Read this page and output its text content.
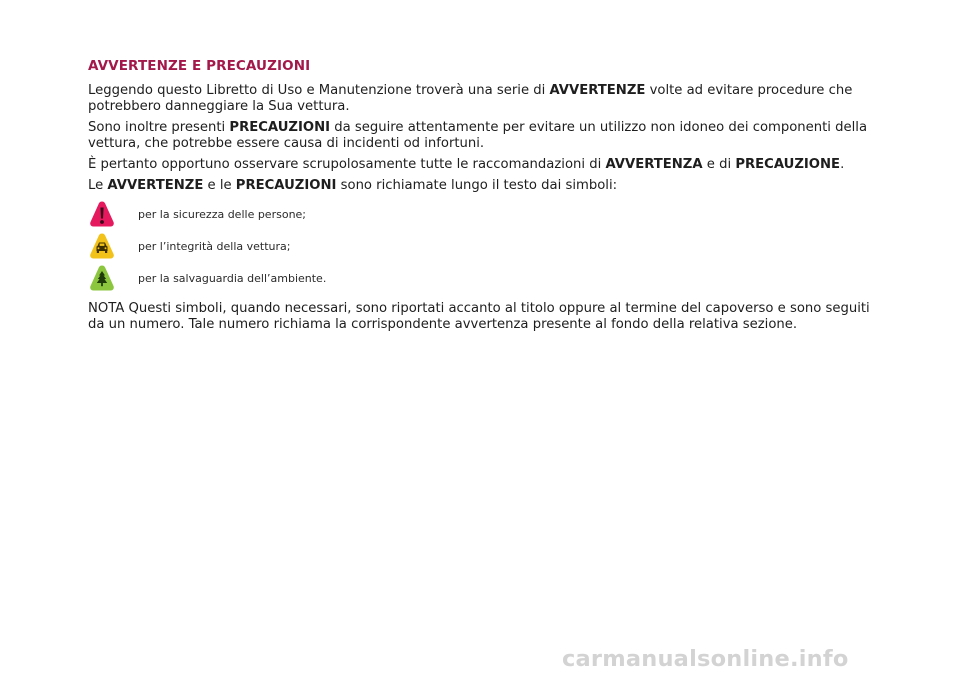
AVVERTENZE E PRECAUZIONI

Leggendo questo Libretto di Uso e Manutenzione troverà una serie di AVVERTENZE volte ad evitare procedure che potrebbero danneggiare la Sua vettura.

Sono inoltre presenti PRECAUZIONI da seguire attentamente per evitare un utilizzo non idoneo dei componenti della vettura, che potrebbe essere causa di incidenti od infortuni.

È pertanto opportuno osservare scrupolosamente tutte le raccomandazioni di AVVERTENZA e di PRECAUZIONE.

Le AVVERTENZE e le PRECAUZIONI sono richiamate lungo il testo dai simboli:

per la sicurezza delle persone;
per l’integrità della vettura;
per la salvaguardia dell’ambiente.

NOTA Questi simboli, quando necessari, sono riportati accanto al titolo oppure al termine del capoverso e sono seguiti da un numero. Tale numero richiama la corrispondente avvertenza presente al fondo della relativa sezione.

carmanualsonline.info
